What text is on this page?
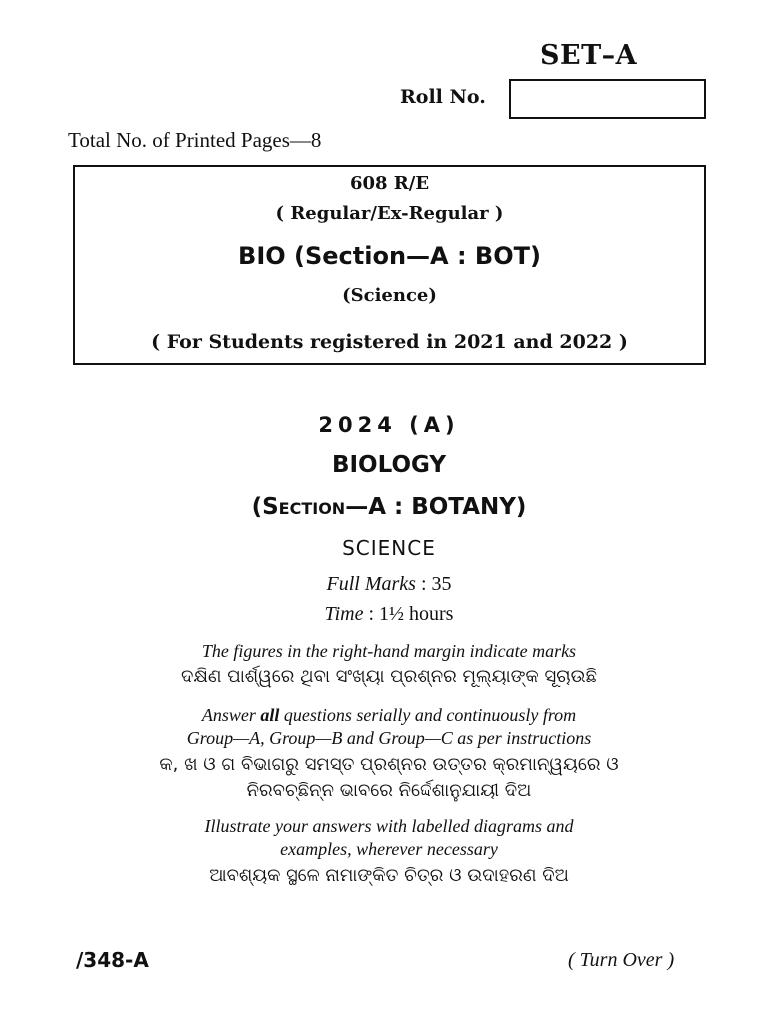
SET–A
Roll No.
Total No. of Printed Pages—8
608 R/E
( Regular/Ex-Regular )
BIO (Section—A : BOT)
(Science)
( For Students registered in 2021 and 2022 )
2024 (A)
BIOLOGY
(Section—A : BOTANY)
SCIENCE
Full Marks : 35
Time : 1½ hours
The figures in the right-hand margin indicate marks
ଦକ୍ଷିଣ ପାର୍ଶ୍ୱରେ ଥିବା ସଂଖ୍ୟା ପ୍ରଶ୍ନର ମୂଲ୍ୟାଙ୍କ ସୂଚାଉଛି
Answer all questions serially and continuously from
Group—A, Group—B and Group—C as per instructions
କ, ଖ ଓ ଗ ବିଭାଗରୁ ସମସ୍ତ ପ୍ରଶ୍ନର ଉତ୍ତର କ୍ରମାନ୍ୱୟରେ ଓ
ନିରବଚ୍ଛିନ୍ନ ଭାବରେ ନିର୍ଦ୍ଦେଶାନୁଯାୟୀ ଦିଅ
Illustrate your answers with labelled diagrams and
examples, wherever necessary
ଆବଶ୍ୟକ ସ୍ଥଳେ ନାମାଙ୍କିତ ଚିତ୍ର ଓ ଉଦାହରଣ ଦିଅ
/348-A	( Turn Over )
